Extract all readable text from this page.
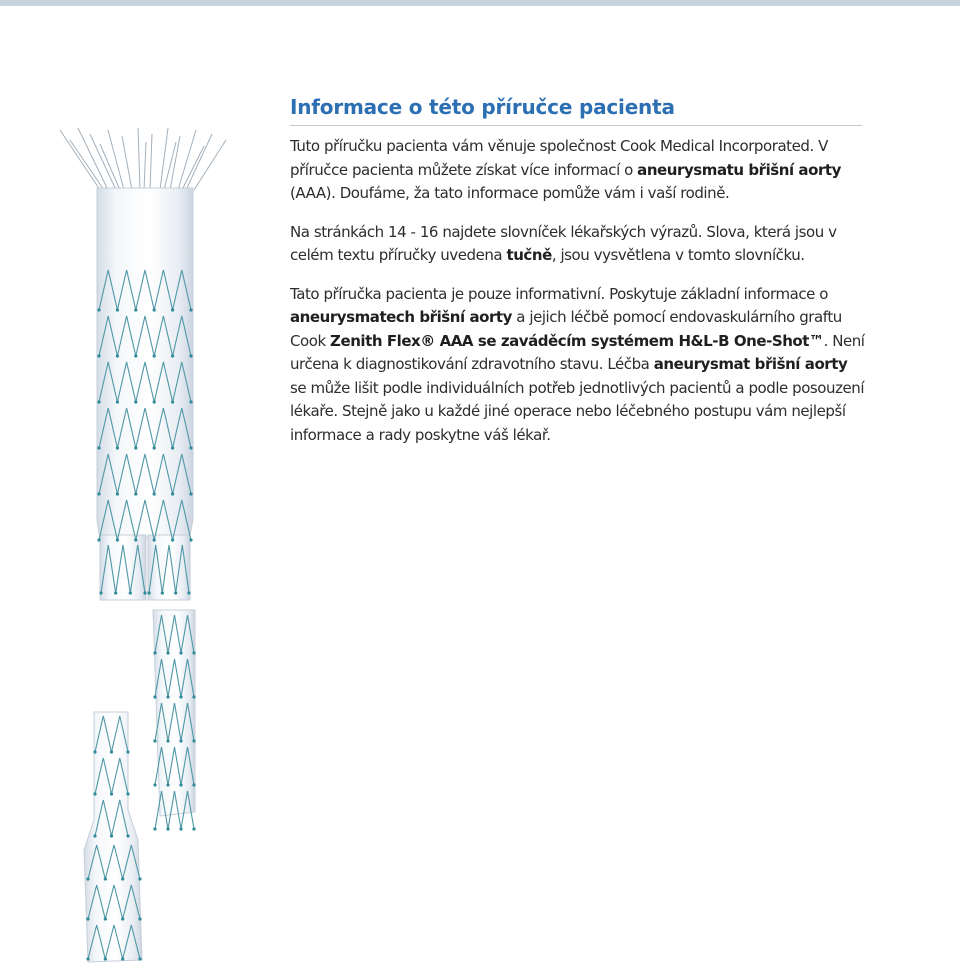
Informace o této příručce pacienta

Tuto příručku pacienta vám věnuje společnost Cook Medical Incorporated. V příručce pacienta můžete získat více informací o aneurysmatu břišní aorty (AAA). Doufáme, ža tato informace pomůže vám i vaší rodině.

Na stránkách 14 - 16 najdete slovníček lékařských výrazů. Slova, která jsou v celém textu příručky uvedena tučně, jsou vysvětlena v tomto slovníčku.

Tato příručka pacienta je pouze informativní. Poskytuje základní informace o aneurysmatech břišní aorty a jejich léčbě pomocí endovaskulárního graftu Cook Zenith Flex® AAA se zaváděcím systémem H&L-B One-Shot™. Není určena k diagnostikování zdravotního stavu. Léčba aneurysmat břišní aorty se může lišit podle individuálních potřeb jednotlivých pacientů a podle posouzení lékaře. Stejně jako u každé jiné operace nebo léčebného postupu vám nejlepší informace a rady poskytne váš lékař.
